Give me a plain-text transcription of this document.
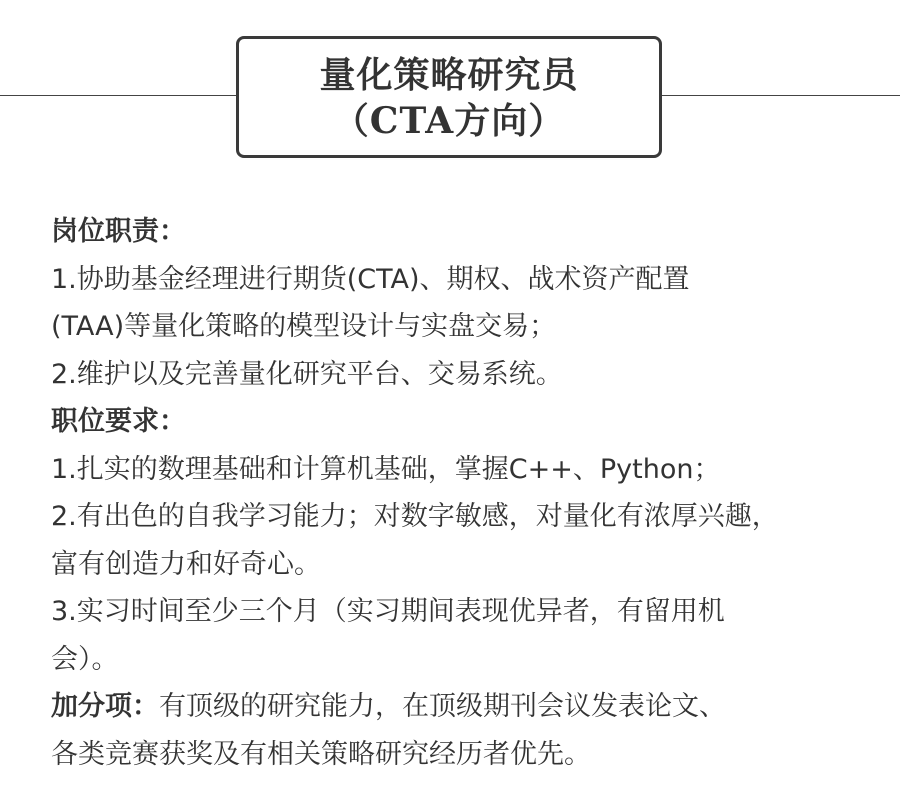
量化策略研究员
（CTA方向）

岗位职责：

1.协助基金经理进行期货(CTA)、期权、战术资产配置

(TAA)等量化策略的模型设计与实盘交易；

2.维护以及完善量化研究平台、交易系统。

职位要求：

1.扎实的数理基础和计算机基础，掌握C++、Python；

2.有出色的自我学习能力；对数字敏感，对量化有浓厚兴趣，

富有创造力和好奇心。

3.实习时间至少三个月（实习期间表现优异者，有留用机

会）。

加分项：有顶级的研究能力，在顶级期刊会议发表论文、

各类竞赛获奖及有相关策略研究经历者优先。
